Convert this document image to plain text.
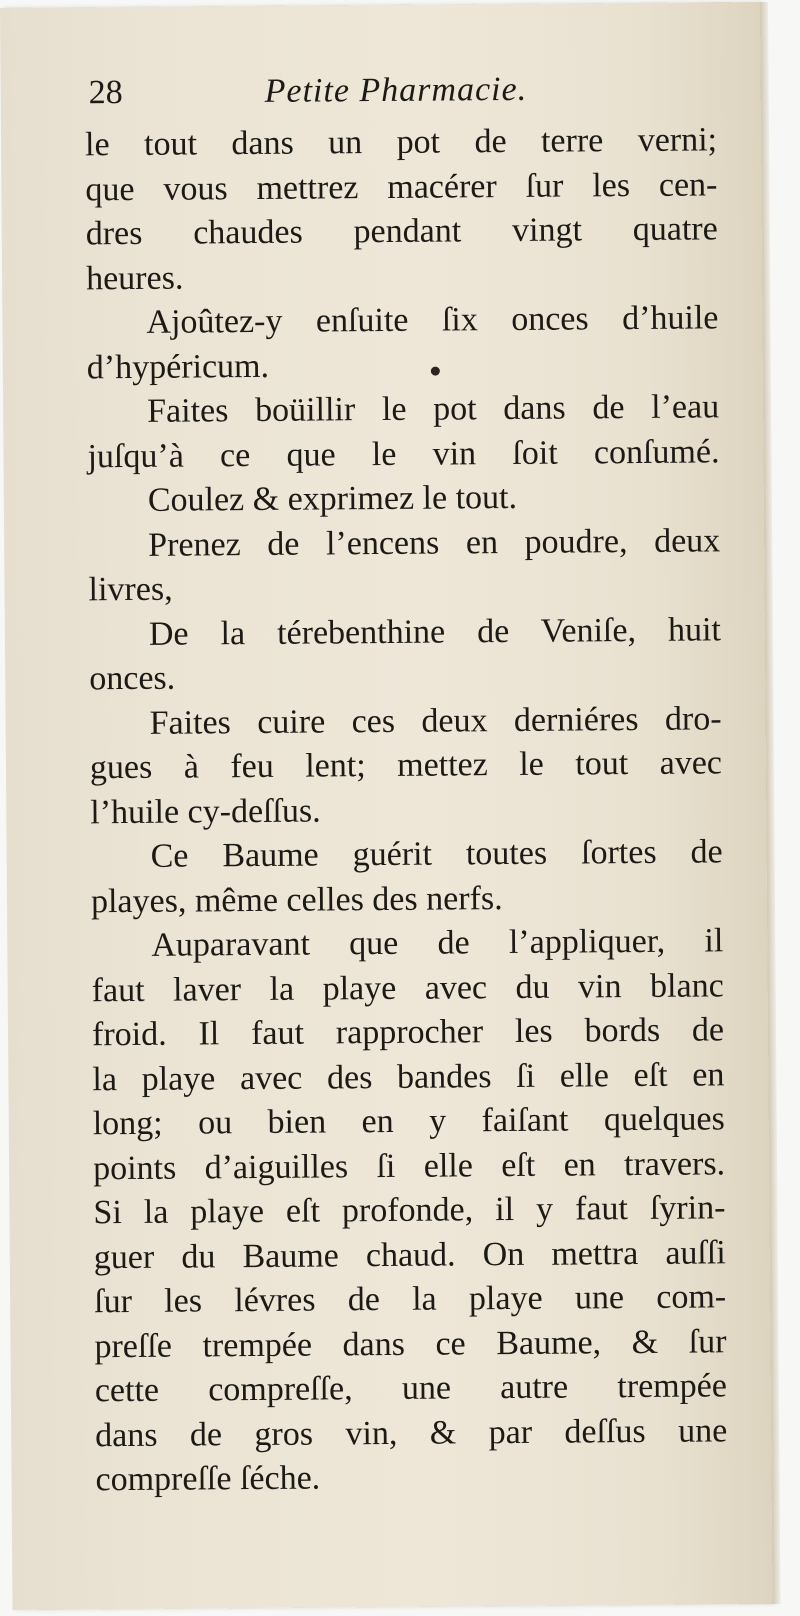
28	Petite Pharmacie.
le tout dans un pot de terre verni;
que vous mettrez macérer ſur les cen-
dres chaudes pendant vingt quatre
heures.
Ajoûtez-y enſuite ſix onces d’huile
d’hypéricum.
Faites boüillir le pot dans de l’eau
juſqu’à ce que le vin ſoit conſumé.
Coulez & exprimez le tout.
Prenez de l’encens en poudre, deux
livres,
De la térebenthine de Veniſe, huit
onces.
Faites cuire ces deux derniéres dro-
gues à feu lent; mettez le tout avec
l’huile cy-deſſus.
Ce Baume guérit toutes ſortes de
playes, même celles des nerfs.
Auparavant que de l’appliquer, il
faut laver la playe avec du vin blanc
froid. Il faut rapprocher les bords de
la playe avec des bandes ſi elle eſt en
long; ou bien en y faiſant quelques
points d’aiguilles ſi elle eſt en travers.
Si la playe eſt profonde, il y faut ſyrin-
guer du Baume chaud. On mettra auſſi
ſur les lévres de la playe une com-
preſſe trempée dans ce Baume, & ſur
cette compreſſe, une autre trempée
dans de gros vin, & par deſſus une
compreſſe ſéche.
